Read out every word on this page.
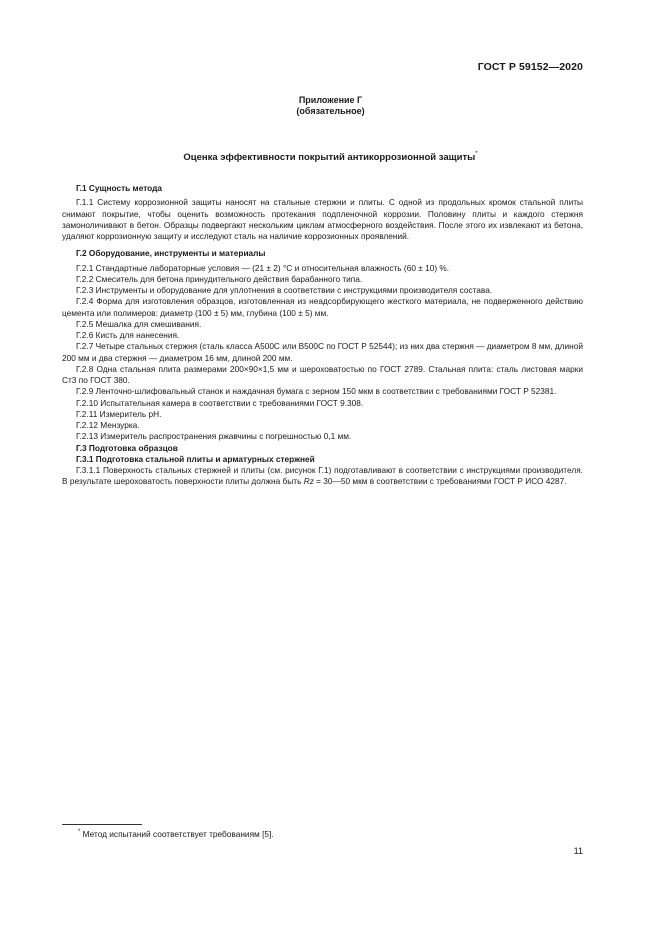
ГОСТ Р 59152—2020
Приложение Г
(обязательное)
Оценка эффективности покрытий антикоррозионной защиты*

Г.1 Сущность метода

Г.1.1 Систему коррозионной защиты наносят на стальные стержни и плиты. С одной из продольных кромок стальной плиты снимают покрытие, чтобы оценить возможность протекания подпленочной коррозии. Половину плиты и каждого стержня замоноличивают в бетон. Образцы подвергают нескольким циклам атмосферного воздействия. После этого их извлекают из бетона, удаляют коррозионную защиту и исследуют сталь на наличие коррозионных проявлений.

Г.2 Оборудование, инструменты и материалы

Г.2.1 Стандартные лабораторные условия — (21 ± 2) °С и относительная влажность (60 ± 10) %.

Г.2.2 Смеситель для бетона принудительного действия барабанного типа.

Г.2.3 Инструменты и оборудование для уплотнения в соответствии с инструкциями производителя состава.

Г.2.4 Форма для изготовления образцов, изготовленная из неадсорбирующего жесткого материала, не подверженного действию цемента или полимеров: диаметр (100 ± 5) мм, глубина (100 ± 5) мм.

Г.2.5 Мешалка для смешивания.

Г.2.6 Кисть для нанесения.

Г.2.7 Четыре стальных стержня (сталь класса А500С или В500С по ГОСТ Р 52544); из них два стержня — диаметром 8 мм, длиной 200 мм и два стержня — диаметром 16 мм, длиной 200 мм.

Г.2.8 Одна стальная плита размерами 200×90×1,5 мм и шероховатостью по ГОСТ 2789. Стальная плита: сталь листовая марки Ст3 по ГОСТ 380.

Г.2.9 Ленточно-шлифовальный станок и наждачная бумага с зерном 150 мкм в соответствии с требованиями ГОСТ Р 52381.

Г.2.10 Испытательная камера в соответствии с требованиями ГОСТ 9.308.

Г.2.11 Измеритель рН.

Г.2.12 Мензурка.

Г.2.13 Измеритель распространения ржавчины с погрешностью 0,1 мм.

Г.3 Подготовка образцов

Г.3.1 Подготовка стальной плиты и арматурных стержней

Г.3.1.1 Поверхность стальных стержней и плиты (см. рисунок Г.1) подготавливают в соответствии с инструкциями производителя. В результате шероховатость поверхности плиты должна быть Rz = 30—50 мкм в соответствии с требованиями ГОСТ Р ИСО 4287.

* Метод испытаний соответствует требованиям [5].
11
